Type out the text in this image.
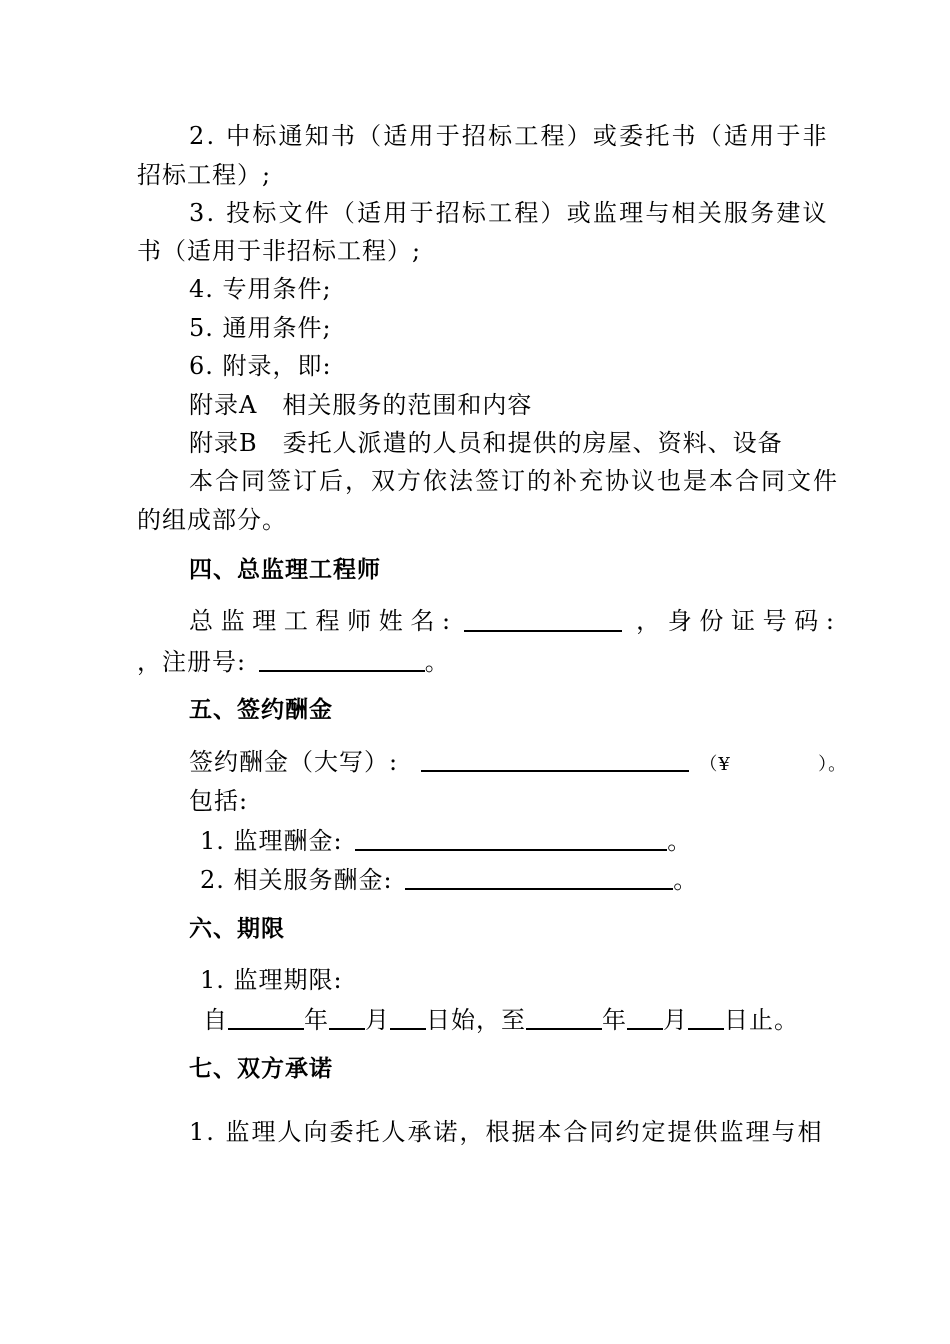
2. 中标通知书（适用于招标工程）或委托书（适用于非
招标工程）;
3. 投标文件（适用于招标工程）或监理与相关服务建议
书（适用于非招标工程）;
4. 专用条件;
5. 通用条件;
6. 附录，即:
附录A　相关服务的范围和内容
附录B　委托人派遣的人员和提供的房屋、资料、设备
本合同签订后，双方依法签订的补充协议也是本合同文件
的组成部分。
四、总监理工程师
总 监 理 工 程 师 姓 名 :	， 身 份 证 号 码 :
，注册号:	。
五、签约酬金
签约酬金（大写）:	（¥	）。
包括:
1. 监理酬金:	。
2. 相关服务酬金:	。
六、期限
1. 监理期限:
自	年 月 日始，至	年 月 日止。
七、双方承诺
1. 监理人向委托人承诺，根据本合同约定提供监理与相
